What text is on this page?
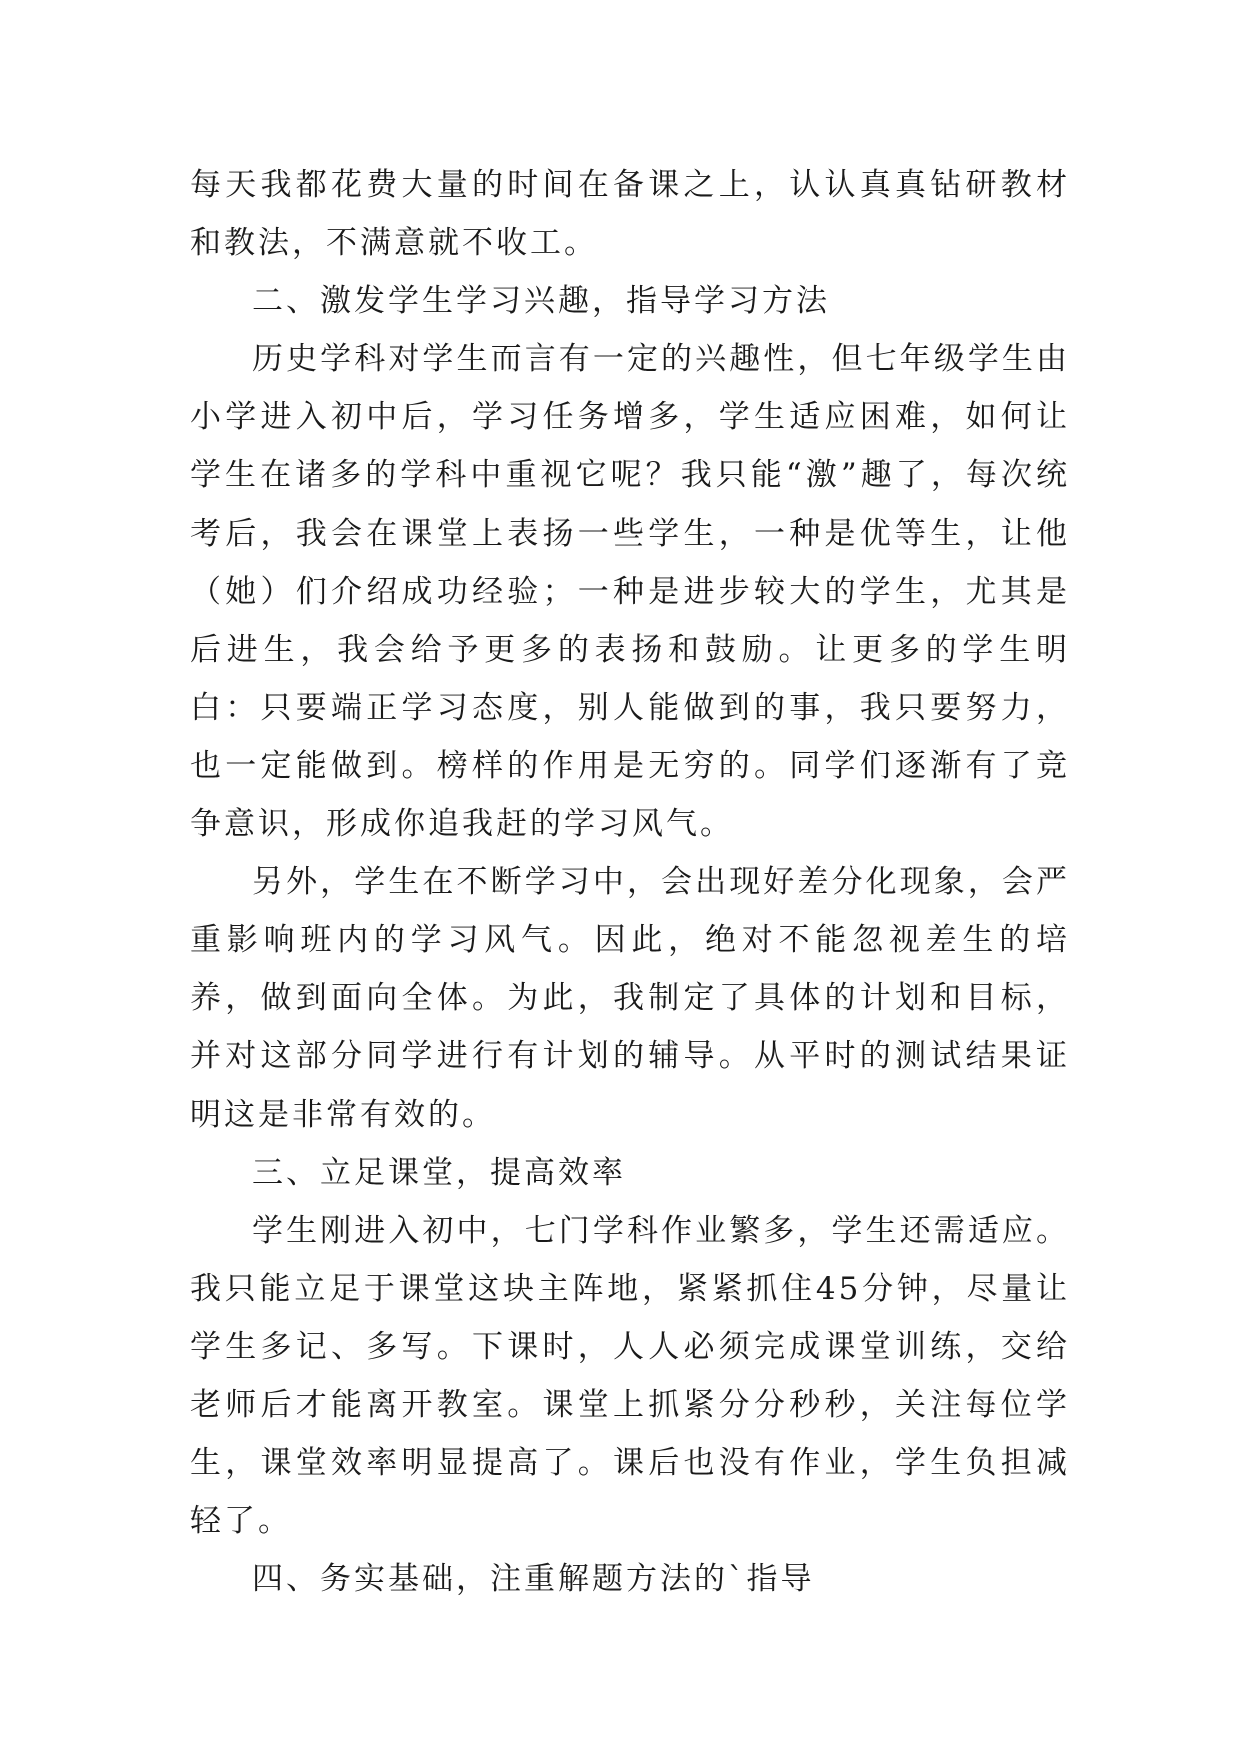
每天我都花费大量的时间在备课之上，认认真真钻研教材和教法，不满意就不收工。

二、激发学生学习兴趣，指导学习方法

历史学科对学生而言有一定的兴趣性，但七年级学生由小学进入初中后，学习任务增多，学生适应困难，如何让学生在诸多的学科中重视它呢？我只能“激”趣了，每次统考后，我会在课堂上表扬一些学生，一种是优等生，让他（她）们介绍成功经验；一种是进步较大的学生，尤其是后进生，我会给予更多的表扬和鼓励。让更多的学生明白：只要端正学习态度，别人能做到的事，我只要努力，也一定能做到。榜样的作用是无穷的。同学们逐渐有了竞争意识，形成你追我赶的学习风气。

另外，学生在不断学习中，会出现好差分化现象，会严重影响班内的学习风气。因此，绝对不能忽视差生的培养，做到面向全体。为此，我制定了具体的计划和目标，并对这部分同学进行有计划的辅导。从平时的测试结果证明这是非常有效的。

三、立足课堂，提高效率

学生刚进入初中，七门学科作业繁多，学生还需适应。我只能立足于课堂这块主阵地，紧紧抓住45分钟，尽量让学生多记、多写。下课时，人人必须完成课堂训练，交给老师后才能离开教室。课堂上抓紧分分秒秒，关注每位学生，课堂效率明显提高了。课后也没有作业，学生负担减轻了。

四、务实基础，注重解题方法的`指导
